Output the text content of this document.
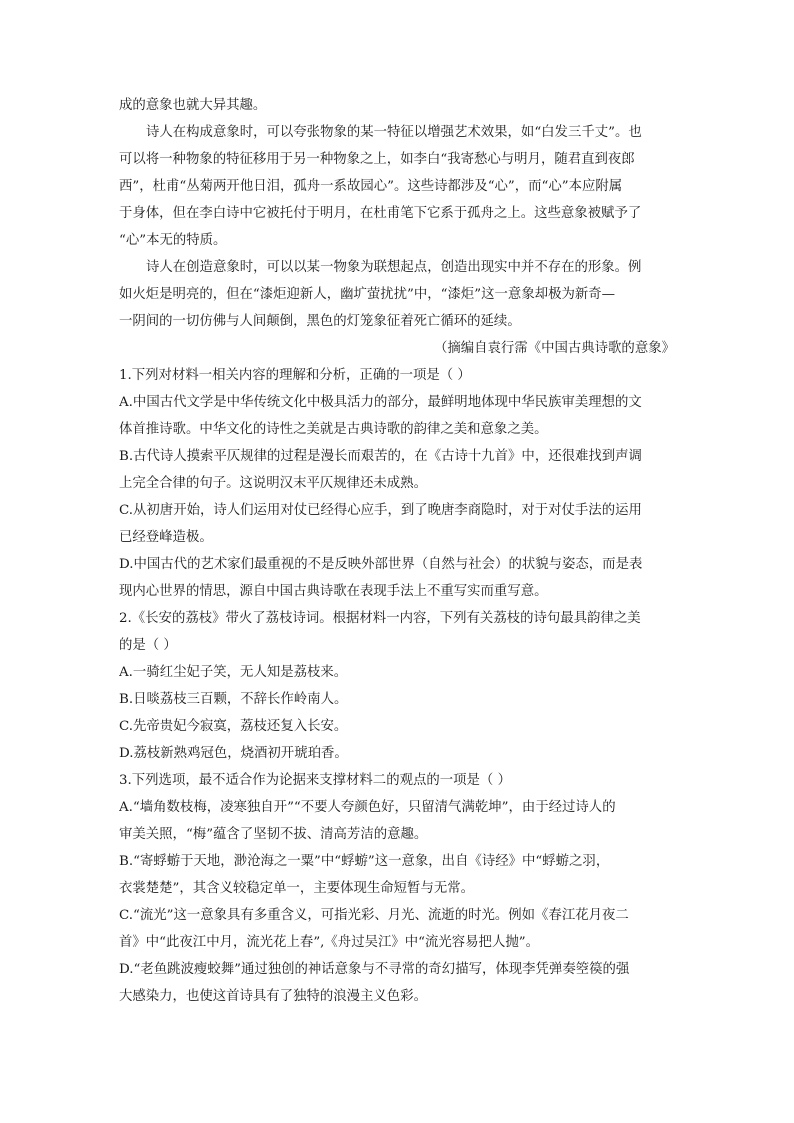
成的意象也就大异其趣。
诗人在构成意象时，可以夸张物象的某一特征以增强艺术效果，如“白发三千丈”。也
可以将一种物象的特征移用于另一种物象之上，如李白“我寄愁心与明月，随君直到夜郎
西”，杜甫“丛菊两开他日泪，孤舟一系故园心”。这些诗都涉及“心”，而“心”本应附属
于身体，但在李白诗中它被托付于明月，在杜甫笔下它系于孤舟之上。这些意象被赋予了
“心”本无的特质。
诗人在创造意象时，可以以某一物象为联想起点，创造出现实中并不存在的形象。例
如火炬是明亮的，但在“漆炬迎新人，幽圹萤扰扰”中，“漆炬”这一意象却极为新奇—
一阴间的一切仿佛与人间颠倒，黑色的灯笼象征着死亡循环的延续。
（摘编自袁行霈《中国古典诗歌的意象》
1.下列对材料一相关内容的理解和分析，正确的一项是（ ）
A.中国古代文学是中华传统文化中极具活力的部分，最鲜明地体现中华民族审美理想的文
体首推诗歌。中华文化的诗性之美就是古典诗歌的韵律之美和意象之美。
B.古代诗人摸索平仄规律的过程是漫长而艰苦的，在《古诗十九首》中，还很难找到声调
上完全合律的句子。这说明汉末平仄规律还未成熟。
C.从初唐开始，诗人们运用对仗已经得心应手，到了晚唐李商隐时，对于对仗手法的运用
已经登峰造极。
D.中国古代的艺术家们最重视的不是反映外部世界（自然与社会）的状貌与姿态，而是表
现内心世界的情思，源自中国古典诗歌在表现手法上不重写实而重写意。
2.《长安的荔枝》带火了荔枝诗词。根据材料一内容，下列有关荔枝的诗句最具韵律之美
的是（ ）
A.一骑红尘妃子笑，无人知是荔枝来。
B.日啖荔枝三百颗，不辞长作岭南人。
C.先帝贵妃今寂寞，荔枝还复入长安。
D.荔枝新熟鸡冠色，烧酒初开琥珀香。
3.下列选项，最不适合作为论据来支撑材料二的观点的一项是（ ）
A.“墙角数枝梅，凌寒独自开”“不要人夸颜色好，只留清气满乾坤”，由于经过诗人的
审美关照，“梅”蕴含了坚韧不拔、清高芳洁的意趣。
B.“寄蜉蝣于天地，渺沧海之一粟”中“蜉蝣”这一意象，出自《诗经》中“蜉蝣之羽，
衣裳楚楚”，其含义较稳定单一，主要体现生命短暂与无常。
C.“流光”这一意象具有多重含义，可指光彩、月光、流逝的时光。例如《春江花月夜二
首》中“此夜江中月，流光花上春”,《舟过吴江》中“流光容易把人抛”。
D.“老鱼跳波瘦蛟舞”通过独创的神话意象与不寻常的奇幻描写，体现李凭弹奏箜篌的强
大感染力，也使这首诗具有了独特的浪漫主义色彩。
